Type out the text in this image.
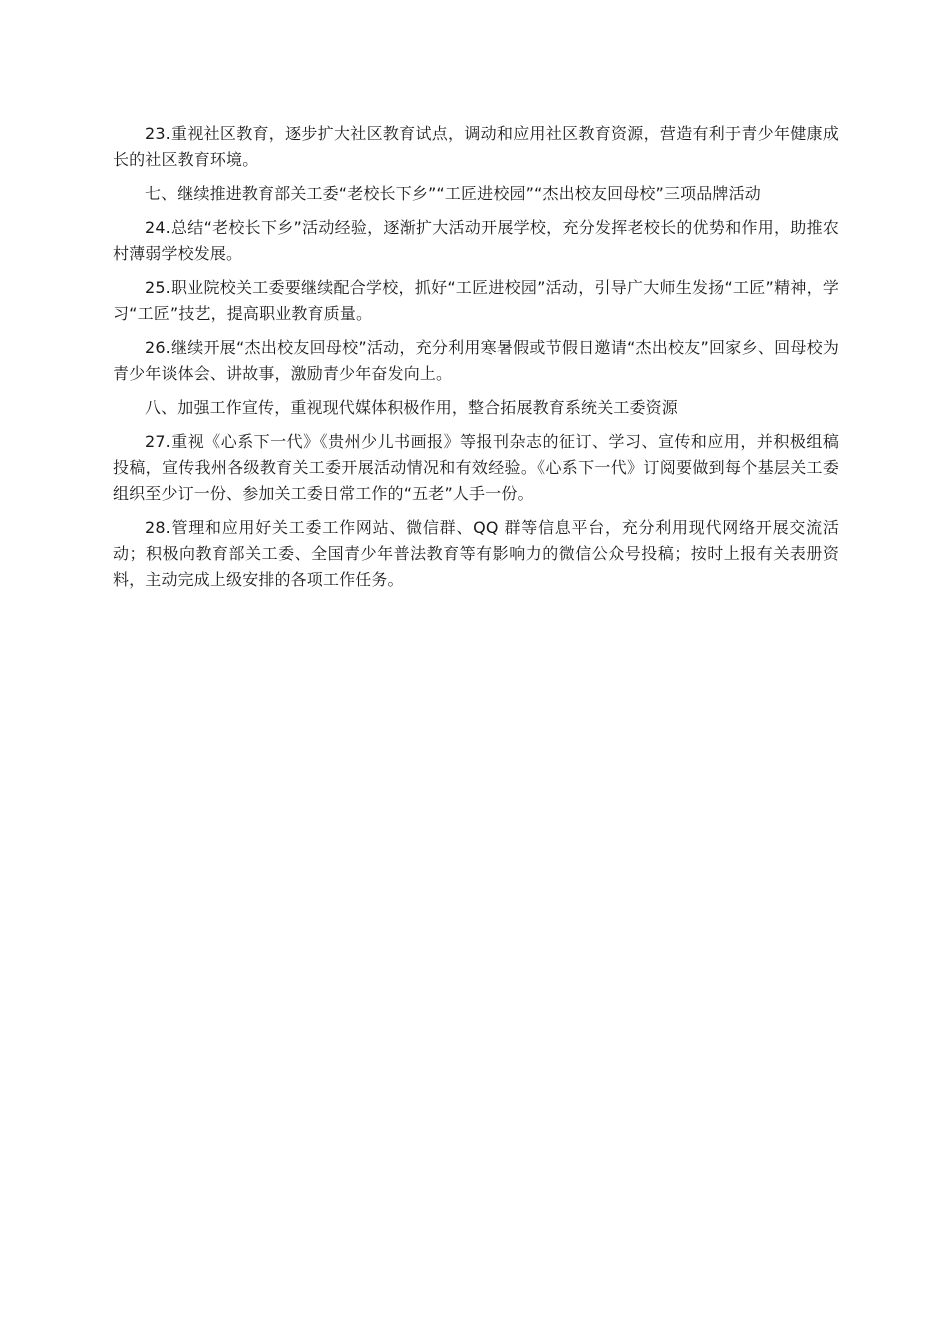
23.重视社区教育，逐步扩大社区教育试点，调动和应用社区教育资源，营造有利于青少年健康成长的社区教育环境。

七、继续推进教育部关工委“老校长下乡”“工匠进校园”“杰出校友回母校”三项品牌活动

24.总结“老校长下乡”活动经验，逐渐扩大活动开展学校，充分发挥老校长的优势和作用，助推农村薄弱学校发展。

25.职业院校关工委要继续配合学校，抓好“工匠进校园”活动，引导广大师生发扬“工匠”精神，学习“工匠”技艺，提高职业教育质量。

26.继续开展“杰出校友回母校”活动，充分利用寒暑假或节假日邀请“杰出校友”回家乡、回母校为青少年谈体会、讲故事，激励青少年奋发向上。

八、加强工作宣传，重视现代媒体积极作用，整合拓展教育系统关工委资源

27.重视《心系下一代》《贵州少儿书画报》等报刊杂志的征订、学习、宣传和应用，并积极组稿投稿，宣传我州各级教育关工委开展活动情况和有效经验。《心系下一代》订阅要做到每个基层关工委组织至少订一份、参加关工委日常工作的“五老”人手一份。

28.管理和应用好关工委工作网站、微信群、QQ 群等信息平台，充分利用现代网络开展交流活动；积极向教育部关工委、全国青少年普法教育等有影响力的微信公众号投稿；按时上报有关表册资料，主动完成上级安排的各项工作任务。
